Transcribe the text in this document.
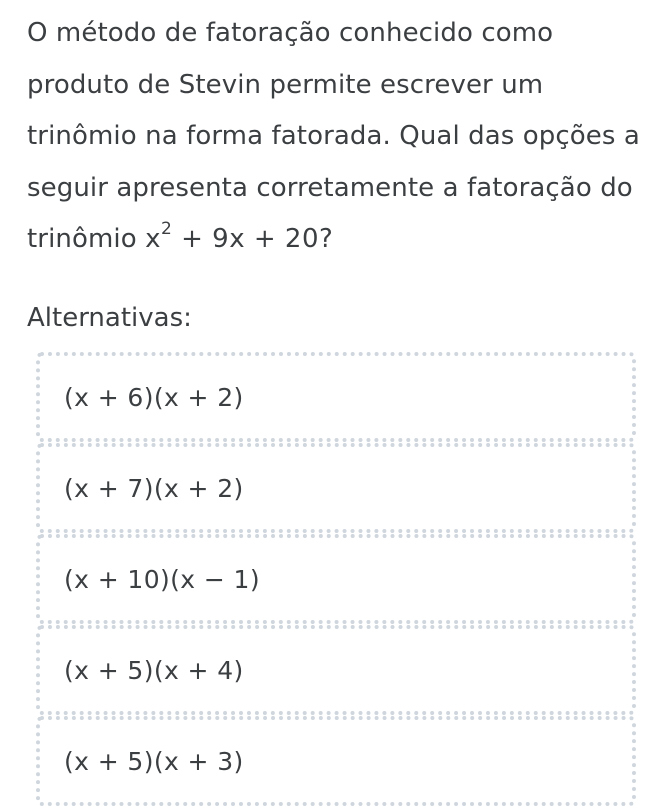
O método de fatoração conhecido como produto de Stevin permite escrever um trinômio na forma fatorada. Qual das opções a seguir apresenta corretamente a fatoração do trinômio $x^2 + 9x + 20$?
Alternativas:
(x + 6)(x + 2)
(x + 7)(x + 2)
(x + 10)(x − 1)
(x + 5)(x + 4)
(x + 5)(x + 3)
